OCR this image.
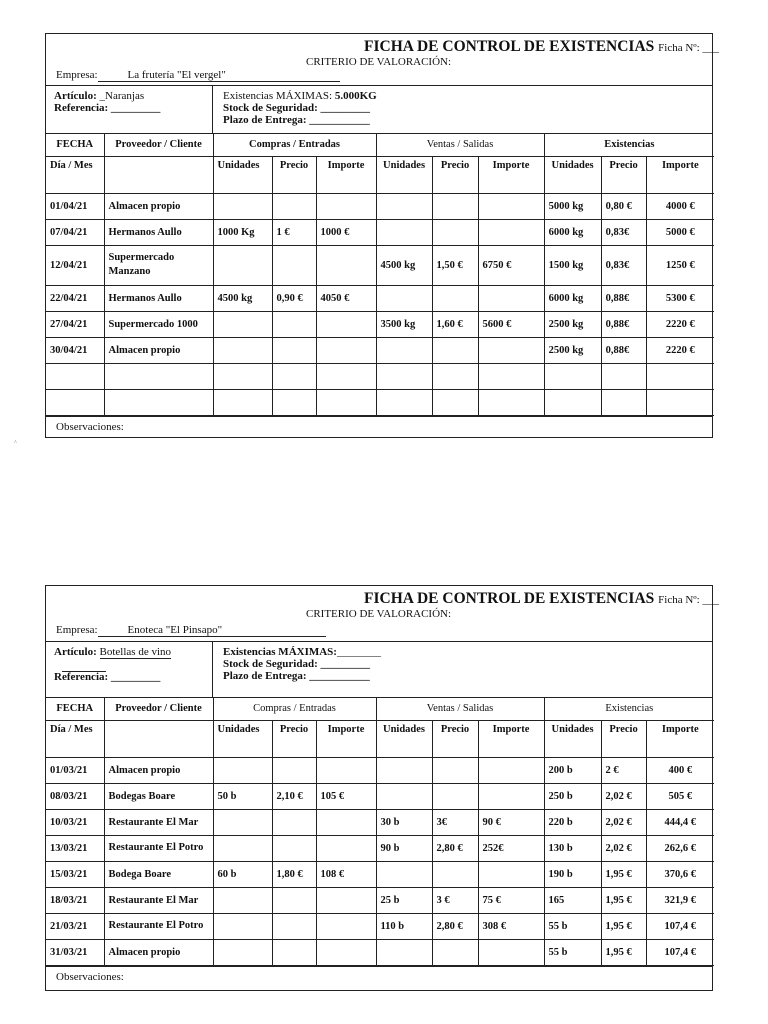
FICHA DE CONTROL DE EXISTENCIAS Ficha Nº: ___
CRITERIO DE VALORACIÓN:
Empresa:	La frutería "El vergel"
Artículo: _Naranjas
Referencia: _________
Existencias MÁXIMAS: 5.000KG
Stock de Seguridad: _________
Plazo de Entrega: ___________
FECHA	Proveedor / Cliente	Compras / Entradas			Ventas / Salidas			Existencias		
Día / Mes		Unidades	Precio	Importe	Unidades	Precio	Importe	Unidades	Precio	Importe
01/04/21	Almacen propio							5000 kg	0,80 €	4000 €
07/04/21	Hermanos Aullo	1000 Kg	1 €	1000 €				6000 kg	0,83€	5000 €
12/04/21	Supermercado Manzano				4500 kg	1,50 €	6750 €	1500 kg	0,83€	1250 €
22/04/21	Hermanos Aullo	4500 kg	0,90 €	4050 €				6000 kg	0,88€	5300 €
27/04/21	Supermercado 1000				3500 kg	1,60 €	5600 €	2500 kg	0,88€	2220 €
30/04/21	Almacen propio							2500 kg	0,88€	2220 €

Observaciones:
^
FICHA DE CONTROL DE EXISTENCIAS Ficha Nº: ___
CRITERIO DE VALORACIÓN:
Empresa:	Enoteca "El Pinsapo"
Artículo: Botellas de vino

Referencia: _________
Existencias MÁXIMAS:________
Stock de Seguridad: _________
Plazo de Entrega: ___________
FECHA	Proveedor / Cliente	Compras / Entradas			Ventas / Salidas			Existencias		
Día / Mes		Unidades	Precio	Importe	Unidades	Precio	Importe	Unidades	Precio	Importe
01/03/21	Almacen propio							200 b	2 €	400 €
08/03/21	Bodegas Boare	50 b	2,10 €	105 €				250 b	2,02 €	505 €
10/03/21	Restaurante El Mar				30 b	3€	90 €	220 b	2,02 €	444,4 €
13/03/21	Restaurante El Potro				90 b	2,80 €	252€	130 b	2,02 €	262,6 €
15/03/21	Bodega Boare	60 b	1,80 €	108 €				190 b	1,95 €	370,6 €
18/03/21	Restaurante El Mar				25 b	3 €	75 €	165	1,95 €	321,9 €
21/03/21	Restaurante El Potro				110 b	2,80 €	308 €	55 b	1,95 €	107,4 €
31/03/21	Almacen propio							55 b	1,95 €	107,4 €
Observaciones:
